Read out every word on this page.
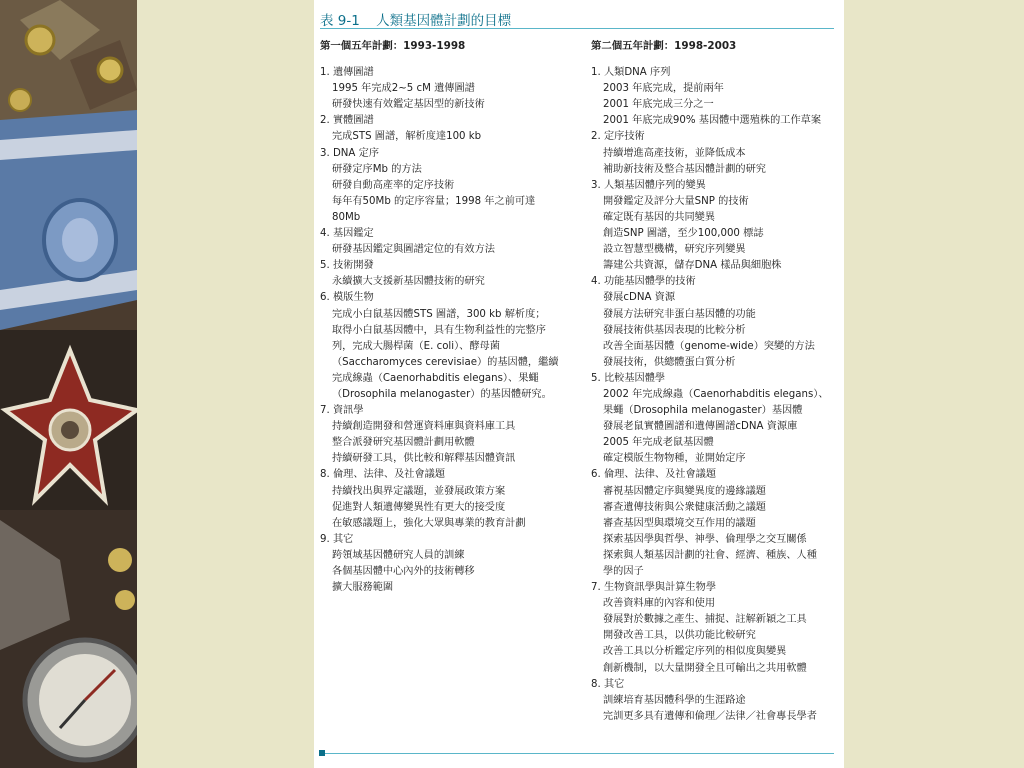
表 9-1 人類基因體計劃的目標
第一個五年計劃：1993-1998
1. 遺傳圖譜
1995 年完成2~5 cM 遺傳圖譜
研發快速有效鑑定基因型的新技術
2. 實體圖譜
完成STS 圖譜，解析度達100 kb
3. DNA 定序
研發定序Mb 的方法
研發自動高產率的定序技術
每年有50Mb 的定序容量；1998 年之前可達
80Mb
4. 基因鑑定
研發基因鑑定與圖譜定位的有效方法
5. 技術開發
永續擴大支援新基因體技術的研究
6. 模版生物
完成小白鼠基因體STS 圖譜，300 kb 解析度；
取得小白鼠基因體中，具有生物利益性的完整序
列，完成大腸桿菌（E. coli）、酵母菌
（Saccharomyces cerevisiae）的基因體，繼續
完成線蟲（Caenorhabditis elegans）、果蠅
（Drosophila melanogaster）的基因體研究。
7. 資訊學
持續創造開發和營運資料庫與資料庫工具
整合派發研究基因體計劃用軟體
持續研發工具，供比較和解釋基因體資訊
8. 倫理、法律、及社會議題
持續找出與界定議題，並發展政策方案
促進對人類遺傳變異性有更大的接受度
在敏感議題上，強化大眾與專業的教育計劃
9. 其它
跨領域基因體研究人員的訓練
各個基因體中心內外的技術轉移
擴大服務範圍
第二個五年計劃：1998-2003
1. 人類DNA 序列
2003 年底完成，提前兩年
2001 年底完成三分之一
2001 年底完成90% 基因體中選殖株的工作草案
2. 定序技術
持續增進高產技術，並降低成本
補助新技術及整合基因體計劃的研究
3. 人類基因體序列的變異
開發鑑定及評分大量SNP 的技術
確定既有基因的共同變異
創造SNP 圖譜，至少100,000 標誌
設立智慧型機構，研究序列變異
籌建公共資源，儲存DNA 樣品與細胞株
4. 功能基因體學的技術
發展cDNA 資源
發展方法研究非蛋白基因體的功能
發展技術供基因表現的比較分析
改善全面基因體（genome-wide）突變的方法
發展技術，供總體蛋白質分析
5. 比較基因體學
2002 年完成線蟲（Caenorhabditis elegans）、
果蠅（Drosophila melanogaster）基因體
發展老鼠實體圖譜和遺傳圖譜cDNA 資源庫
2005 年完成老鼠基因體
確定模版生物物種，並開始定序
6. 倫理、法律、及社會議題
審視基因體定序與變異度的邊緣議題
審查遺傳技術與公衆健康活動之議題
審查基因型與環境交互作用的議題
探索基因學與哲學、神學、倫理學之交互關係
探索與人類基因計劃的社會、經濟、種族、人種
學的因子
7. 生物資訊學與計算生物學
改善資料庫的內容和使用
發展對於數據之產生、捕捉、註解新穎之工具
開發改善工具，以供功能比較研究
改善工具以分析鑑定序列的相似度與變異
創新機制，以大量開發全且可輸出之共用軟體
8. 其它
訓練培育基因體科學的生涯路途
完訓更多具有遺傳和倫理／法律／社會專長學者
